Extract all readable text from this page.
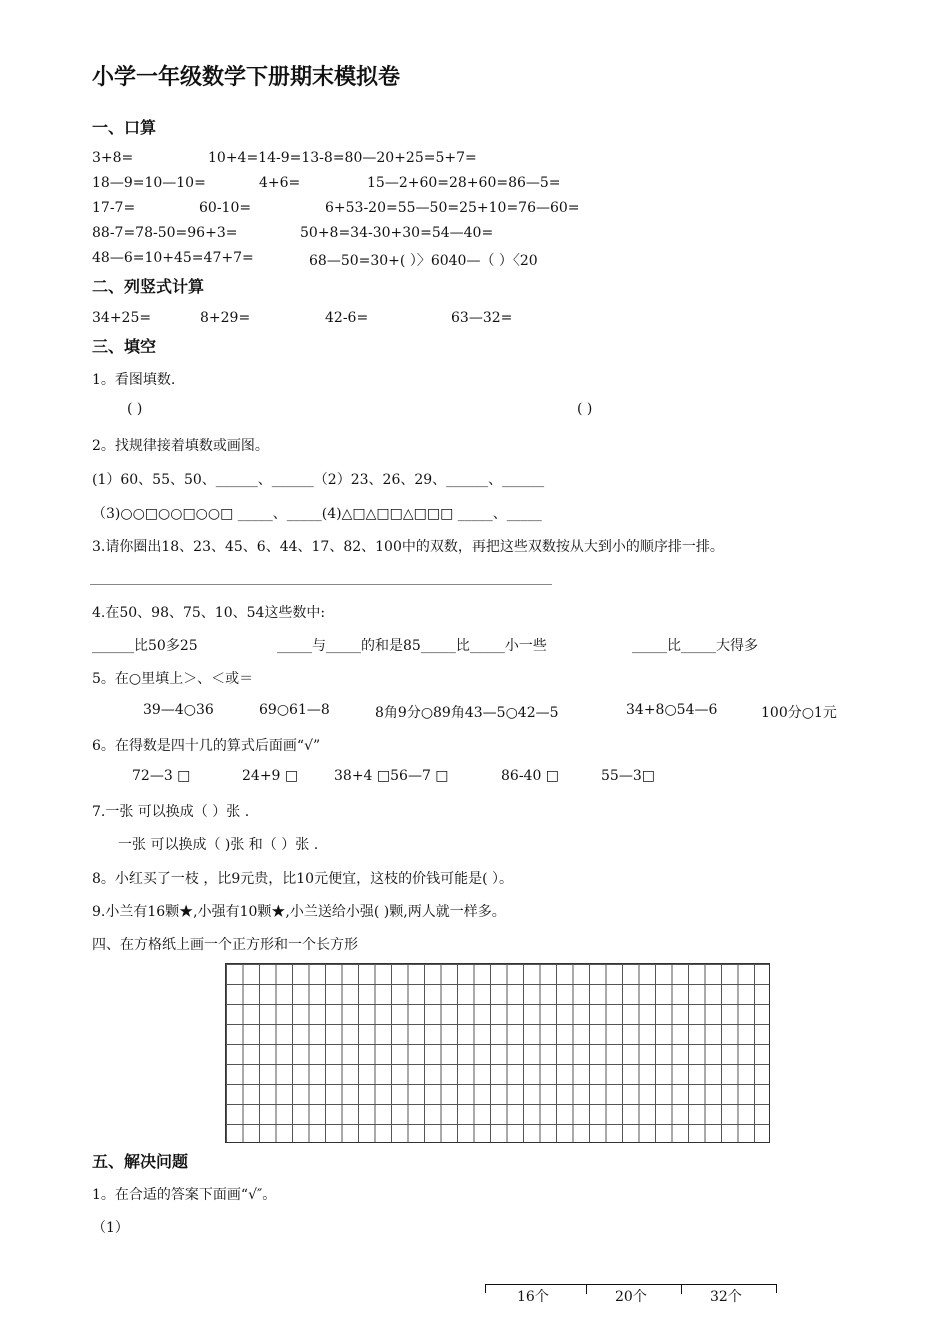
小学一年级数学下册期末模拟卷
一、口算
3+8=	10+4=14-9=13-8=80—20+25=5+7=
18—9=10—10=	4+6=	15—2+60=28+60=86—5=
17-7=	60-10=	6+53-20=55—50=25+10=76—60=
88-7=78-50=96+3=	50+8=34-30+30=54—40=
48—6=10+45=47+7=	68—50=30+( ）〉6040—（ ）〈20
二、列竖式计算
34+25=	8+29=	42-6=	63—32=
三、填空
1。看图填数.
( )	( )
2。找规律接着填数或画图。
(1）60、55、50、______、______（2）23、26、29、______、______
（3)○○□○○□○○□ _____、_____(4)△□△□□△□□□ _____、_____
3.请你圈出18、23、45、6、44、17、82、100中的双数，再把这些双数按从大到小的顺序排一排。
4.在50、98、75、10、54这些数中:
______比50多25	_____与_____的和是85_____比_____小一些	_____比_____大得多
5。在○里填上＞、＜或＝
39—4○36	69○61—8	8角9分○89角43—5○42—5	34+8○54—6	100分○1元
6。在得数是四十几的算式后面画“√”
72—3 □	24+9 □	38+4 □56—7 □	86-40 □	55—3□
7.一张 可以换成（ ）张 .
一张 可以换成（ )张 和（ ）张 .
8。小红买了一枝 ，比9元贵，比10元便宜，这枝的价钱可能是( ）。
9.小兰有16颗★,小强有10颗★,小兰送给小强( )颗,两人就一样多。
四、在方格纸上画一个正方形和一个长方形
五、解决问题
1。在合适的答案下面画“√″。
（1）
16个	20个	32个
